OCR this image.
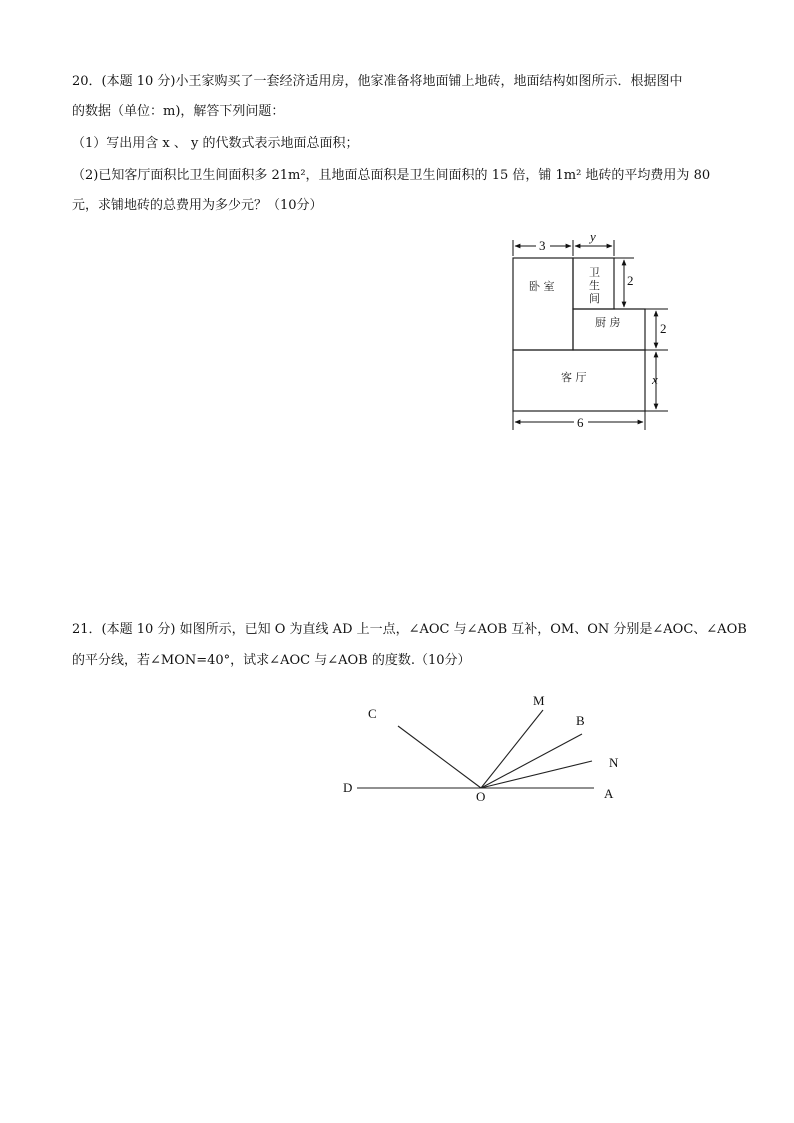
20．(本题 10 分)小王家购买了一套经济适用房，他家准备将地面铺上地砖，地面结构如图所示．根据图中

的数据（单位：m)，解答下列问题：

（1）写出用含 x 、 y 的代数式表示地面总面积；

（2)已知客厅面积比卫生间面积多 21m²，且地面总面积是卫生间面积的 15 倍，铺 1m² 地砖的平均费用为 80

元，求铺地砖的总费用为多少元？（10分）

3
y
2
2
x
6
卧 室
卫
生
间
厨 房
客 厅

21．(本题 10 分) 如图所示，已知 O 为直线 AD 上一点，∠AOC 与∠AOB 互补，OM、ON 分别是∠AOC、∠AOB

的平分线，若∠MON=40°，试求∠AOC 与∠AOB 的度数.（10分）

C
M
B
N
D
O	A
